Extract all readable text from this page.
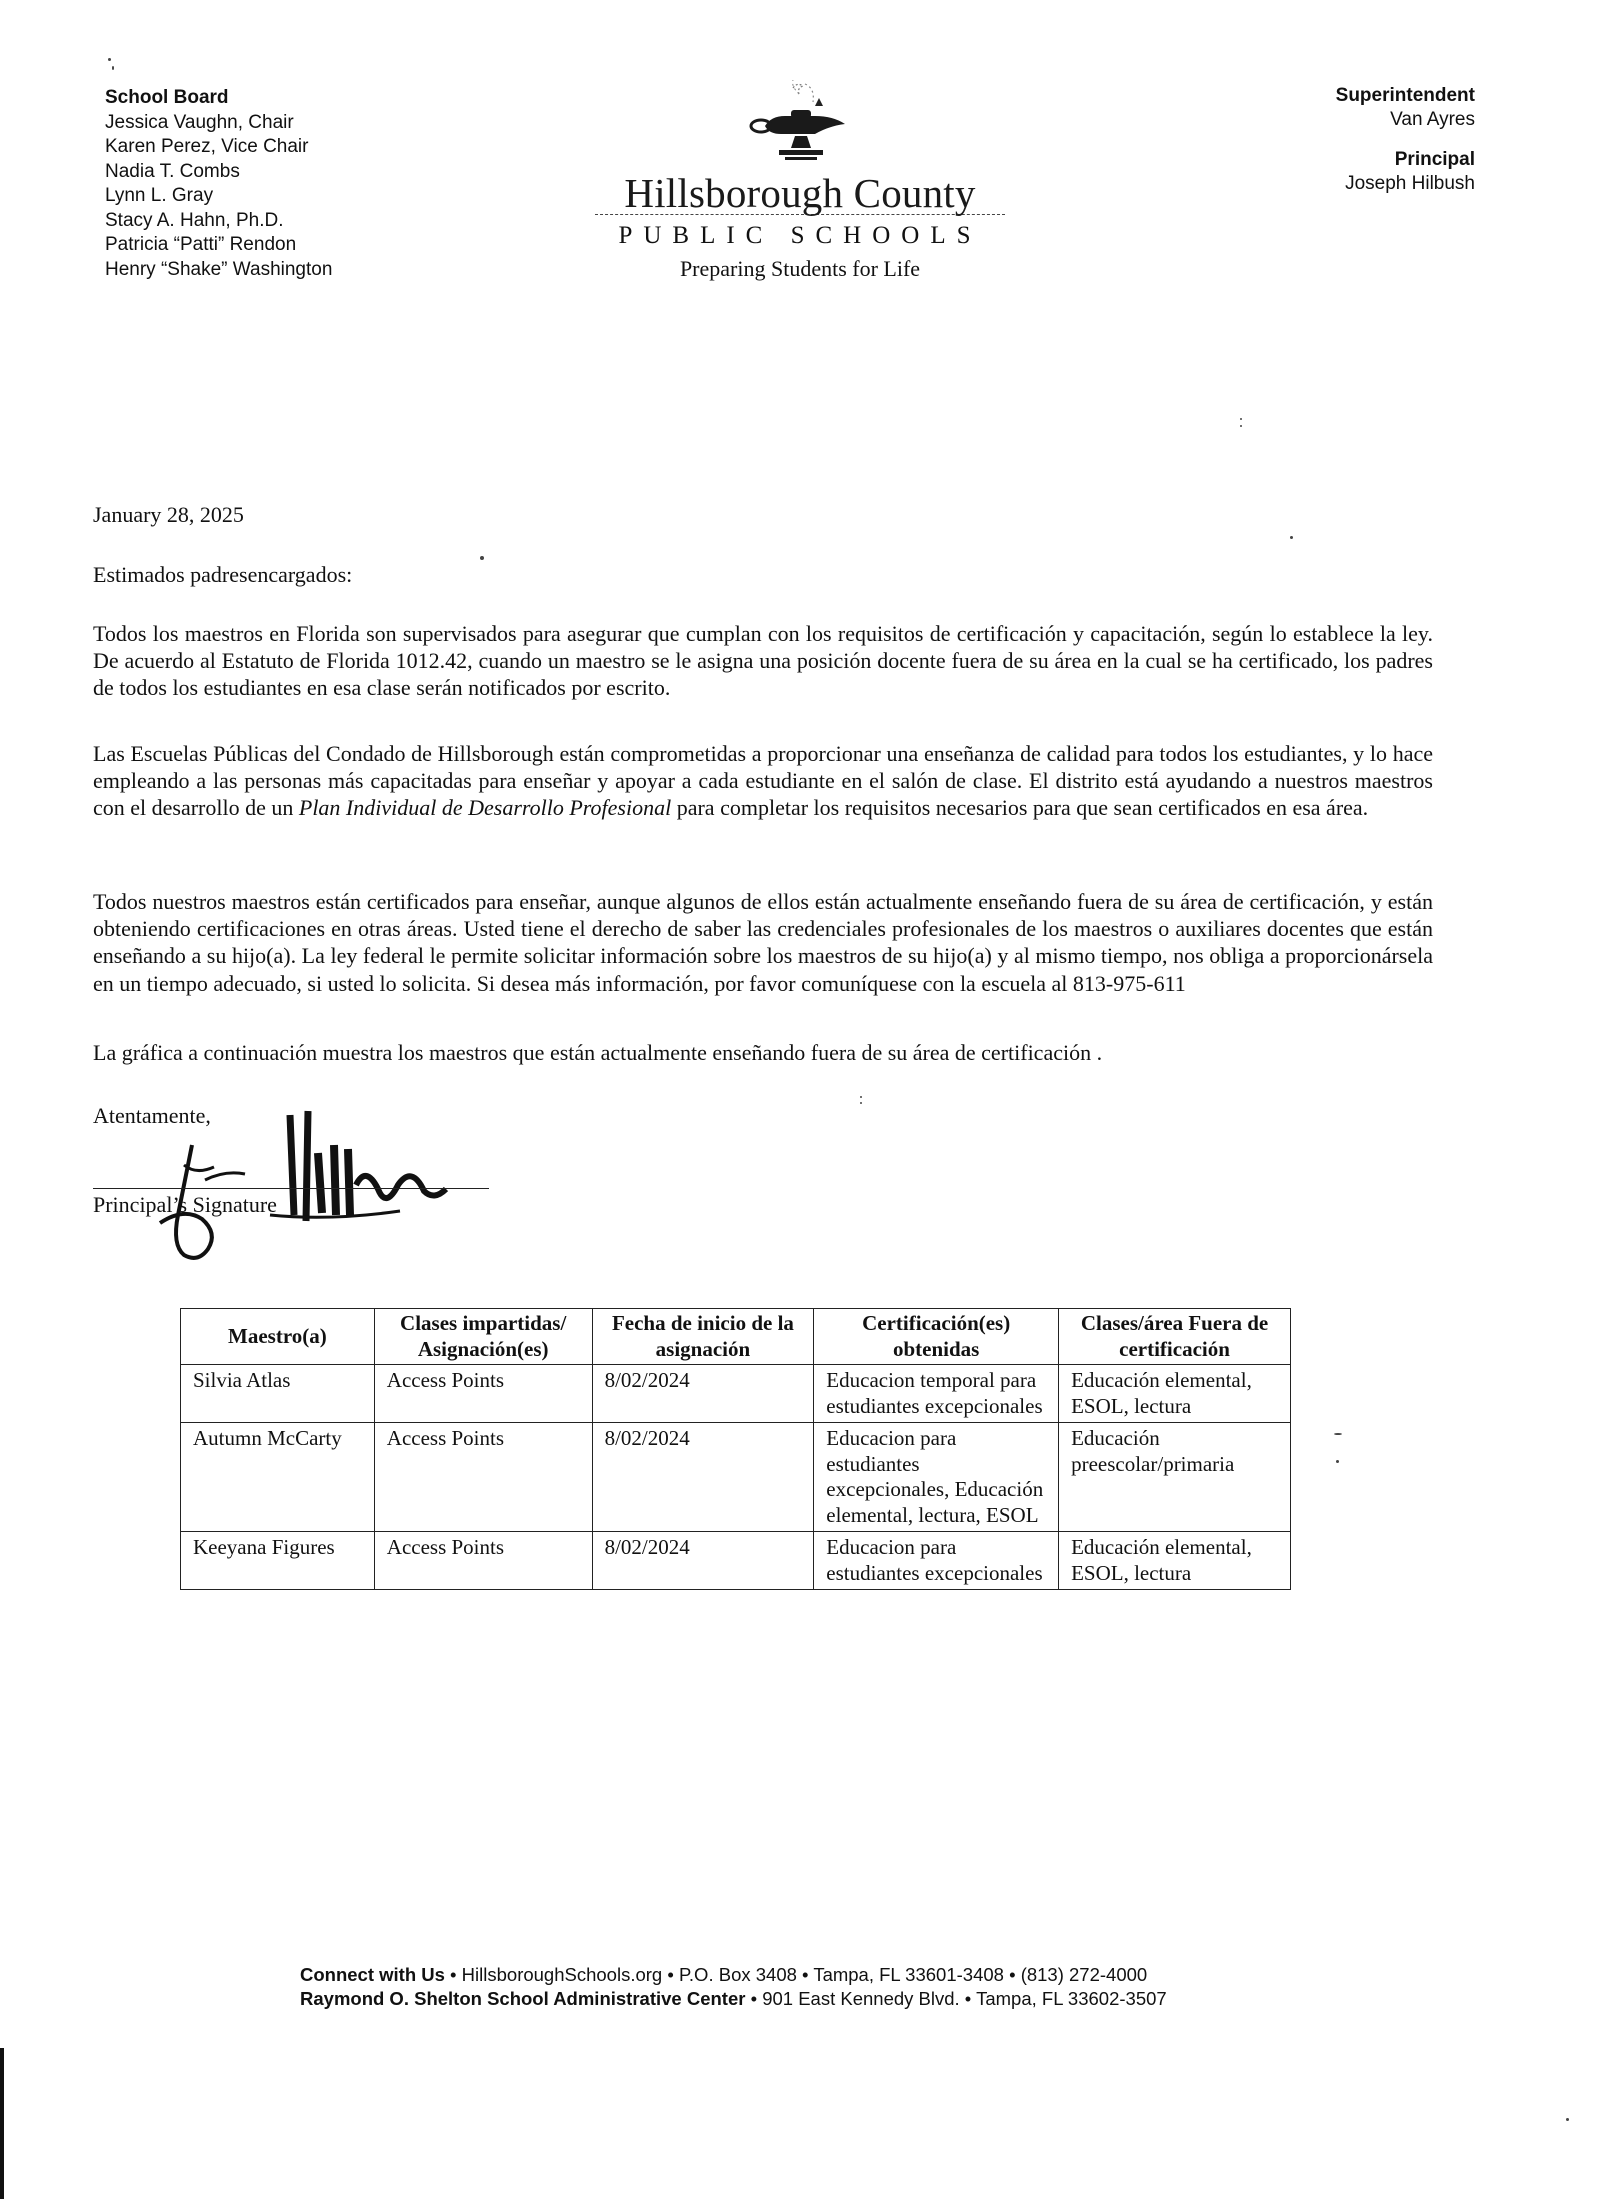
School Board
Jessica Vaughn, Chair
Karen Perez, Vice Chair
Nadia T. Combs
Lynn L. Gray
Stacy A. Hahn, Ph.D.
Patricia “Patti” Rendon
Henry “Shake” Washington
Hillsborough County
PUBLIC SCHOOLS
Preparing Students for Life
Superintendent
Van Ayres
Principal
Joseph Hilbush
January 28, 2025
Estimados padresencargados:
Todos los maestros en Florida son supervisados para asegurar que cumplan con los requisitos de certificación y capacitación, según lo establece la ley. De acuerdo al Estatuto de Florida 1012.42, cuando un maestro se le asigna una posición docente fuera de su área en la cual se ha certificado, los padres de todos los estudiantes en esa clase serán notificados por escrito.
Las Escuelas Públicas del Condado de Hillsborough están comprometidas a proporcionar una enseñanza de calidad para todos los estudiantes, y lo hace empleando a las personas más capacitadas para enseñar y apoyar a cada estudiante en el salón de clase. El distrito está ayudando a nuestros maestros con el desarrollo de un Plan Individual de Desarrollo Profesional para completar los requisitos necesarios para que sean certificados en esa área.
Todos nuestros maestros están certificados para enseñar, aunque algunos de ellos están actualmente enseñando fuera de su área de certificación, y están obteniendo certificaciones en otras áreas. Usted tiene el derecho de saber las credenciales profesionales de los maestros o auxiliares docentes que están enseñando a su hijo(a). La ley federal le permite solicitar información sobre los maestros de su hijo(a) y al mismo tiempo, nos obliga a proporcionársela en un tiempo adecuado, si usted lo solicita. Si desea más información, por favor comuníquese con la escuela al 813-975-611
La gráfica a continuación muestra los maestros que están actualmente enseñando fuera de su área de certificación .
Atentamente,
Principal’s Signature
Maestro(a)	Clases impartidas/ Asignación(es)	Fecha de inicio de la asignación	Certificación(es) obtenidas	Clases/área Fuera de certificación
Silvia Atlas	Access Points	8/02/2024	Educacion temporal para estudiantes excepcionales	Educación elemental, ESOL, lectura
Autumn McCarty	Access Points	8/02/2024	Educacion para estudiantes excepcionales, Educación elemental, lectura, ESOL	Educación preescolar/primaria
Keeyana Figures	Access Points	8/02/2024	Educacion para estudiantes excepcionales	Educación elemental, ESOL, lectura
Connect with Us • HillsboroughSchools.org • P.O. Box 3408 • Tampa, FL 33601-3408 • (813) 272-4000
Raymond O. Shelton School Administrative Center • 901 East Kennedy Blvd. • Tampa, FL 33602-3507
